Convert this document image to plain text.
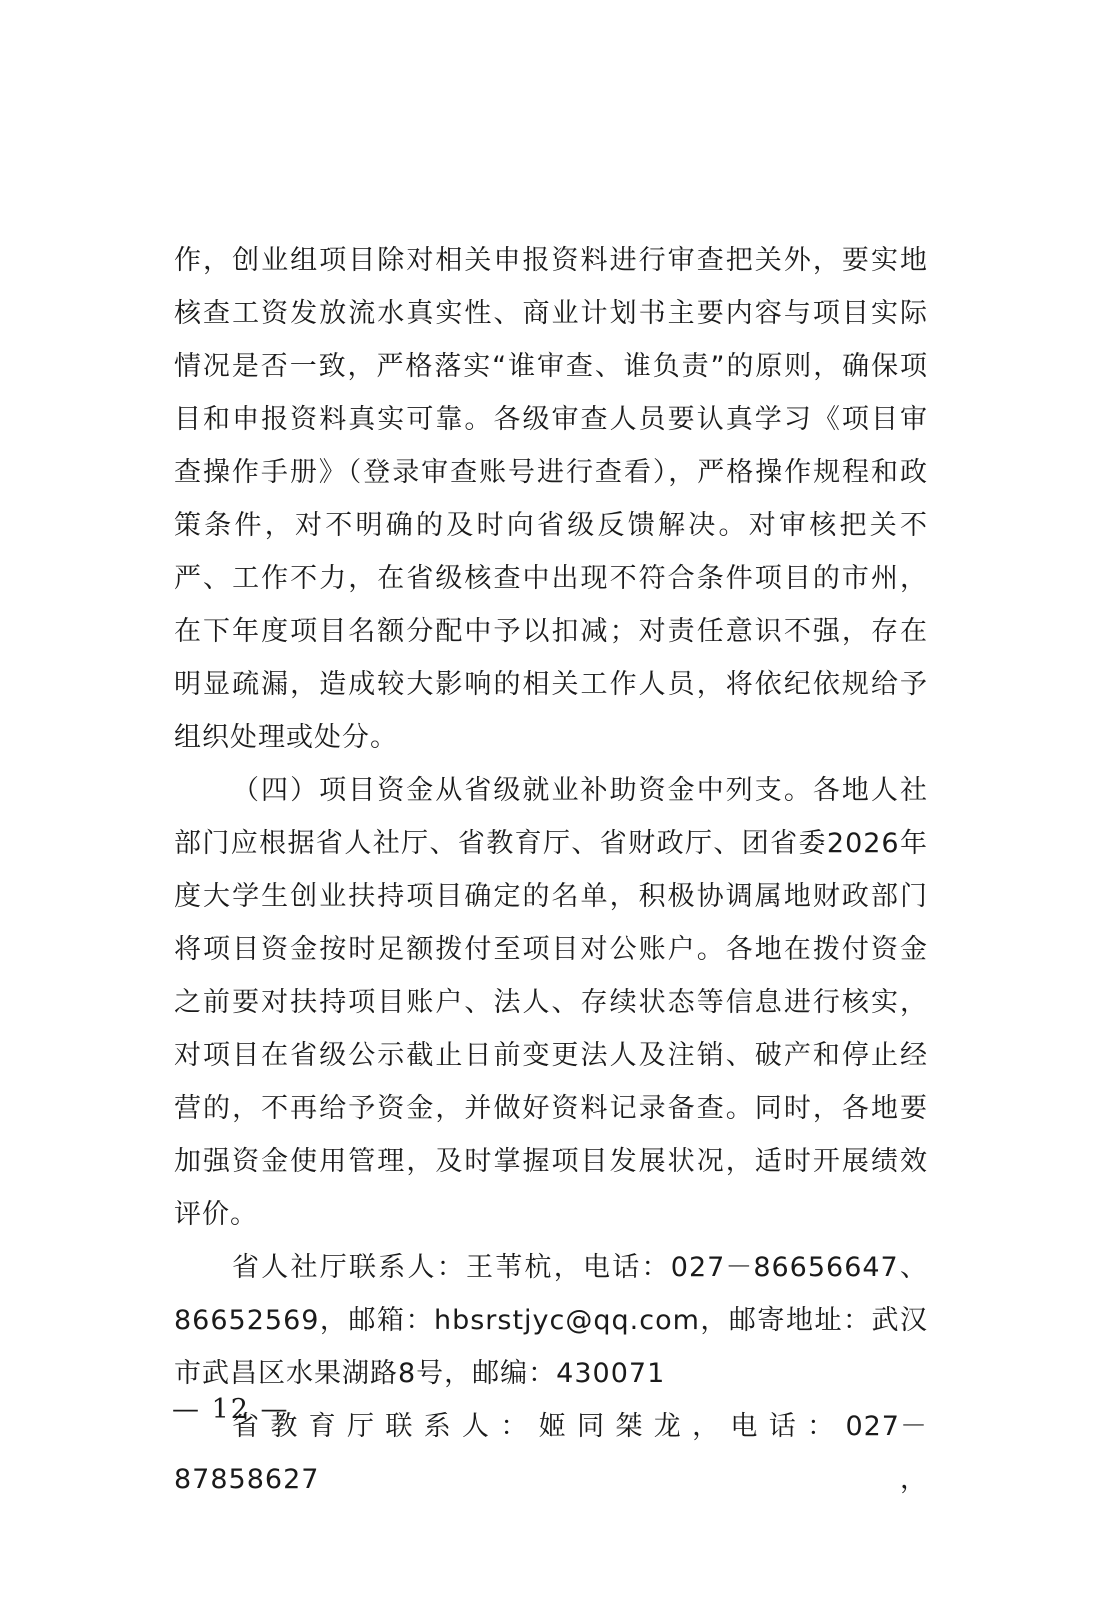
作，创业组项目除对相关申报资料进行审查把关外，要实地核查工资发放流水真实性、商业计划书主要内容与项目实际情况是否一致，严格落实“谁审查、谁负责”的原则，确保项目和申报资料真实可靠。各级审查人员要认真学习《项目审查操作手册》（登录审查账号进行查看），严格操作规程和政策条件，对不明确的及时向省级反馈解决。对审核把关不严、工作不力，在省级核查中出现不符合条件项目的市州，在下年度项目名额分配中予以扣减；对责任意识不强，存在明显疏漏，造成较大影响的相关工作人员，将依纪依规给予组织处理或处分。

（四）项目资金从省级就业补助资金中列支。各地人社部门应根据省人社厅、省教育厅、省财政厅、团省委2026年度大学生创业扶持项目确定的名单，积极协调属地财政部门将项目资金按时足额拨付至项目对公账户。各地在拨付资金之前要对扶持项目账户、法人、存续状态等信息进行核实，对项目在省级公示截止日前变更法人及注销、破产和停止经营的，不再给予资金，并做好资料记录备查。同时，各地要加强资金使用管理，及时掌握项目发展状况，适时开展绩效评价。

省人社厅联系人：王苇杭，电话：027－86656647、86652569，邮箱：hbsrstjyc@qq.com，邮寄地址：武汉市武昌区水果湖路8号，邮编：430071

省教育厅联系人：姬同桀龙，电话：027－87858627，

— 12 —
